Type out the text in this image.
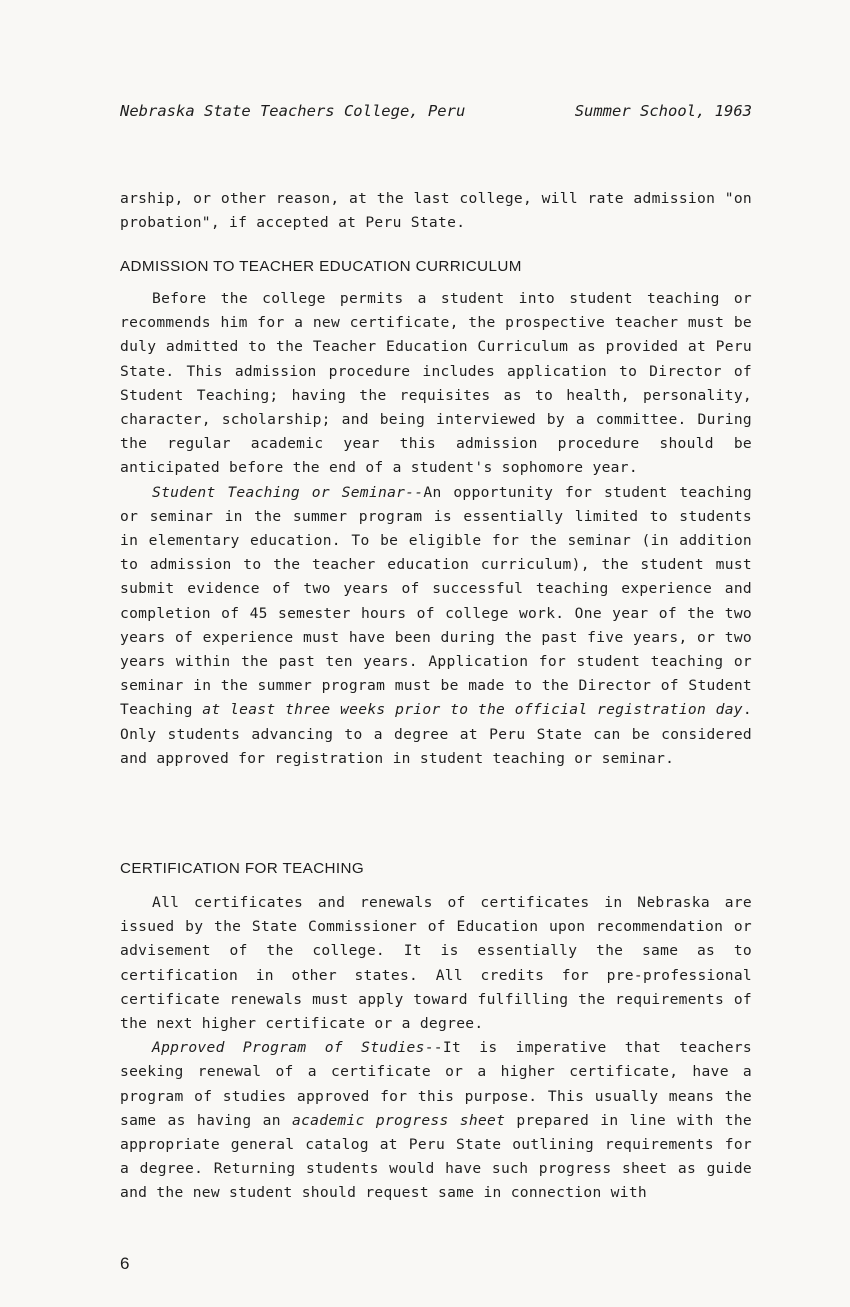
Nebraska State Teachers College, Peru	Summer School, 1963

arship, or other reason, at the last college, will rate admission "on probation", if accepted at Peru State.

ADMISSION TO TEACHER EDUCATION CURRICULUM

Before the college permits a student into student teaching or recommends him for a new certificate, the prospective teacher must be duly admitted to the Teacher Education Curriculum as provided at Peru State. This admission procedure includes application to Director of Student Teaching; having the requisites as to health, personality, character, scholarship; and being interviewed by a committee. During the regular academic year this admission procedure should be anticipated before the end of a student's sophomore year.

Student Teaching or Seminar--An opportunity for student teaching or seminar in the summer program is essentially limited to students in elementary education. To be eligible for the seminar (in addition to admission to the teacher education curriculum), the student must submit evidence of two years of successful teaching experience and completion of 45 semester hours of college work. One year of the two years of experience must have been during the past five years, or two years within the past ten years. Application for student teaching or seminar in the summer program must be made to the Director of Student Teaching at least three weeks prior to the official registration day. Only students advancing to a degree at Peru State can be considered and approved for registration in student teaching or seminar.

CERTIFICATION FOR TEACHING

All certificates and renewals of certificates in Nebraska are issued by the State Commissioner of Education upon recommendation or advisement of the college. It is essentially the same as to certification in other states. All credits for pre-professional certificate renewals must apply toward fulfilling the requirements of the next higher certificate or a degree.

Approved Program of Studies--It is imperative that teachers seeking renewal of a certificate or a higher certificate, have a program of studies approved for this purpose. This usually means the same as having an academic progress sheet prepared in line with the appropriate general catalog at Peru State outlining requirements for a degree. Returning students would have such progress sheet as guide and the new student should request same in connection with

6
